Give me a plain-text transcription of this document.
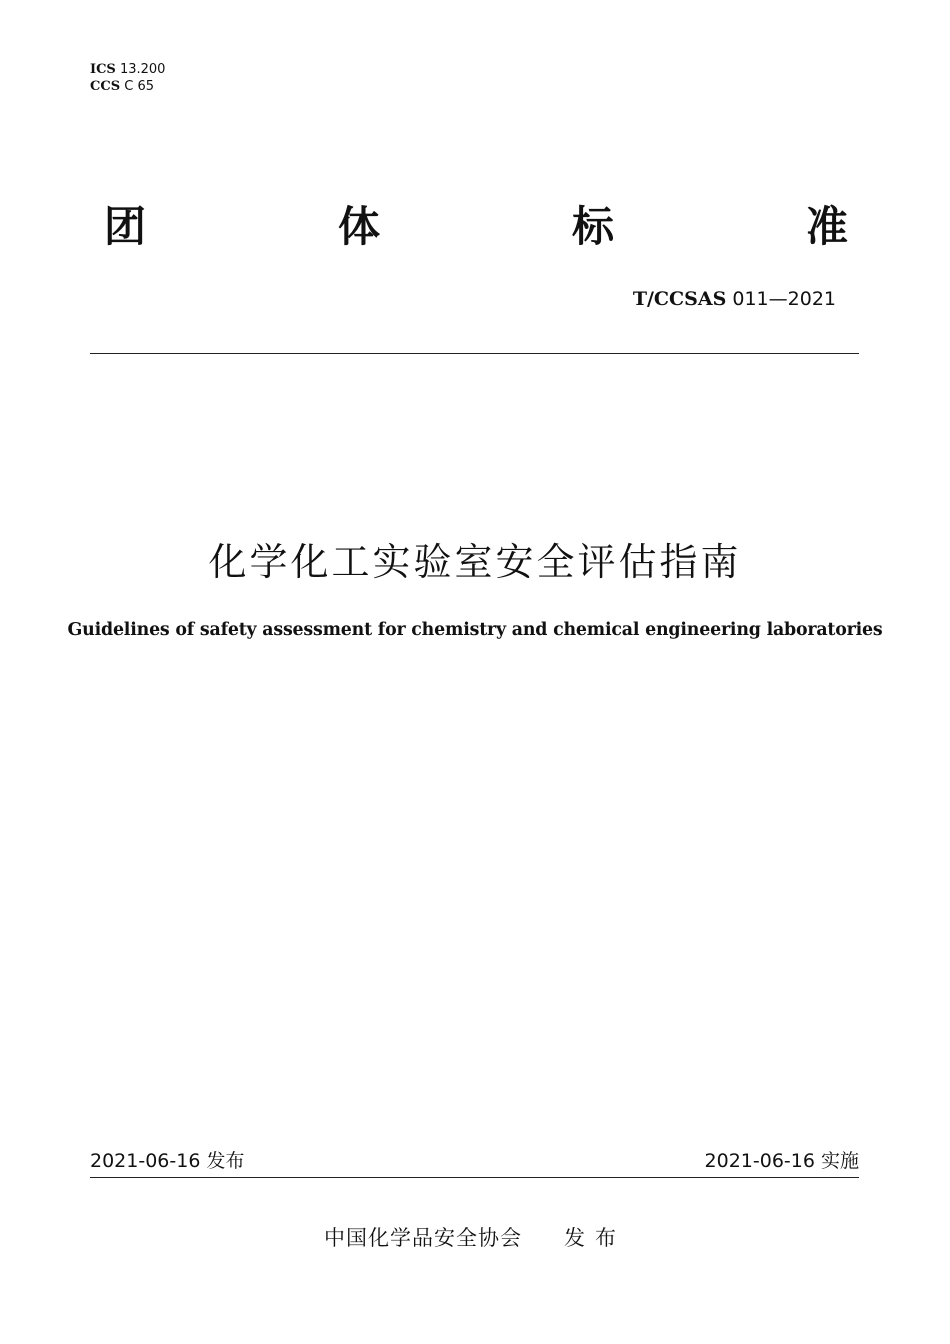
ICS 13.200
CCS C 65
团	体	标	准
T/CCSAS 011—2021
化学化工实验室安全评估指南
Guidelines of safety assessment for chemistry and chemical engineering laboratories
2021-06-16 发布	2021-06-16 实施
中国化学品安全协会 发布
